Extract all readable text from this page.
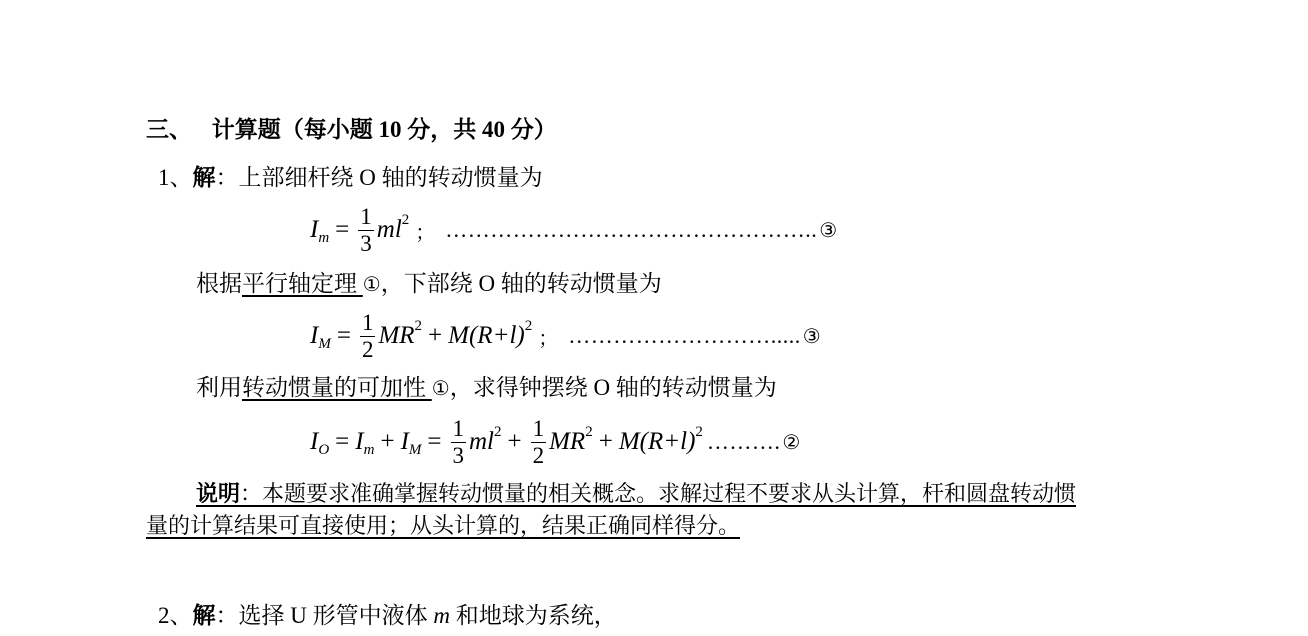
三、 计算题（每小题 10 分，共 40 分）
1、解：上部细杆绕 O 轴的转动惯量为
I $m = \frac{1}{3}$ ml 2
； ………………………………………….. ③
根据平行轴定理 ①，下部绕 O 轴的转动惯量为
I $M = \frac{1}{2}$ MR 2 + M(R+l) 2
； ………………………..... ③
利用转动惯量的可加性 ①，求得钟摆绕 O 轴的转动惯量为
I O = I m + I $M = \frac{1}{3}$ ml $2 + \frac{1}{2}$ MR 2 + M(R+l) 2 ………. ②
说明：本题要求准确掌握转动惯量的相关概念。求解过程不要求从头计算，杆和圆盘转动惯
量的计算结果可直接使用；从头计算的，结果正确同样得分。
2、解：选择 U 形管中液体 m 和地球为系统，
